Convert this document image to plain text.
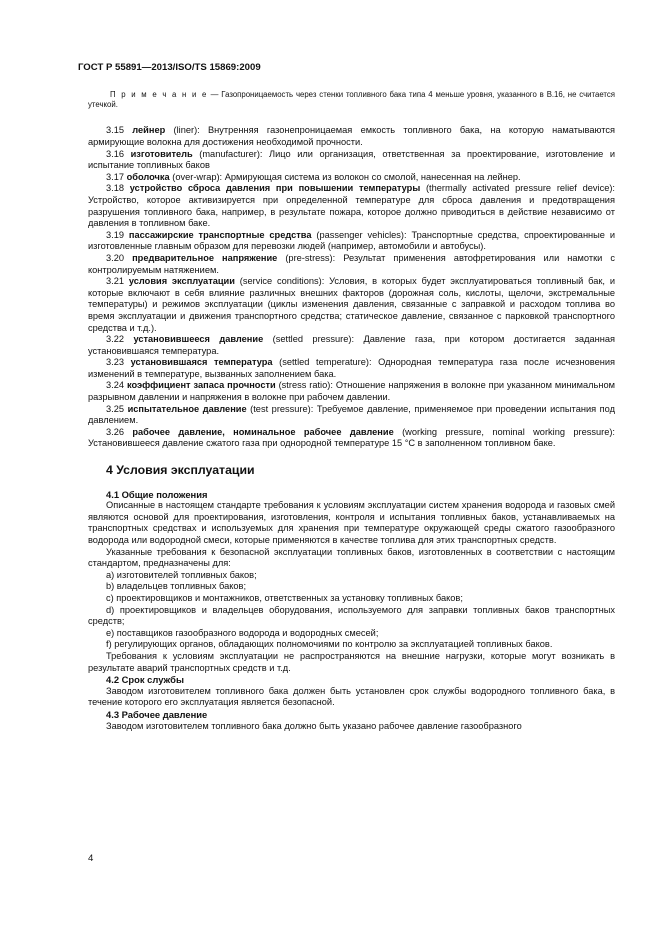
ГОСТ Р 55891—2013/ISO/TS 15869:2009
П р и м е ч а н и е — Газопроницаемость через стенки топливного бака типа 4 меньше уровня, указанного в В.16, не считается утечкой.

3.15 лейнер (liner): Внутренняя газонепроницаемая емкость топливного бака, на которую наматываются армирующие волокна для достижения необходимой прочности.

3.16 изготовитель (manufacturer): Лицо или организация, ответственная за проектирование, изготовление и испытание топливных баков

3.17 оболочка (over-wrap): Армирующая система из волокон со смолой, нанесенная на лейнер.

3.18 устройство сброса давления при повышении температуры (thermally activated pressure relief device): Устройство, которое активизируется при определенной температуре для сброса давления и предотвращения разрушения топливного бака, например, в результате пожара, которое должно приводиться в действие независимо от давления в топливном баке.

3.19 пассажирские транспортные средства (passenger vehicles): Транспортные средства, спроектированные и изготовленные главным образом для перевозки людей (например, автомобили и автобусы).

3.20 предварительное напряжение (pre-stress): Результат применения автофретирования или намотки с контролируемым натяжением.

3.21 условия эксплуатации (service conditions): Условия, в которых будет эксплуатироваться топливный бак, и которые включают в себя влияние различных внешних факторов (дорожная соль, кислоты, щелочи, экстремальные температуры) и режимов эксплуатации (циклы изменения давления, связанные с заправкой и расходом топлива во время эксплуатации и движения транспортного средства; статическое давление, связанное с парковкой транспортного средства и т.д.).

3.22 установившееся давление (settled pressure): Давление газа, при котором достигается заданная установившаяся температура.

3.23 установившаяся температура (settled temperature): Однородная температура газа после исчезновения изменений в температуре, вызванных заполнением бака.

3.24 коэффициент запаса прочности (stress ratio): Отношение напряжения в волокне при указанном минимальном разрывном давлении и напряжения в волокне при рабочем давлении.

3.25 испытательное давление (test pressure): Требуемое давление, применяемое при проведении испытания под давлением.

3.26 рабочее давление, номинальное рабочее давление (working pressure, nominal working pressure): Установившееся давление сжатого газа при однородной температуре 15 °С в заполненном топливном баке.

4 Условия эксплуатации
4.1 Общие положения

Описанные в настоящем стандарте требования к условиям эксплуатации систем хранения водорода и газовых смей являются основой для проектирования, изготовления, контроля и испытания топливных баков, устанавливаемых на транспортных средствах и используемых для хранения при температуре окружающей среды сжатого газообразного водорода или водородной смеси, которые применяются в качестве топлива для этих транспортных средств.

Указанные требования к безопасной эксплуатации топливных баков, изготовленных в соответствии с настоящим стандартом, предназначены для:

а) изготовителей топливных баков;

b) владельцев топливных баков;

с) проектировщиков и монтажников, ответственных за установку топливных баков;

d) проектировщиков и владельцев оборудования, используемого для заправки топливных баков транспортных средств;

е) поставщиков газообразного водорода и водородных смесей;

f) регулирующих органов, обладающих полномочиями по контролю за эксплуатацией топливных баков.

Требования к условиям эксплуатации не распространяются на внешние нагрузки, которые могут возникать в результате аварий транспортных средств и т.д.

4.2 Срок службы

Заводом изготовителем топливного бака должен быть установлен срок службы водородного топливного бака, в течение которого его эксплуатация является безопасной.

4.3 Рабочее давление

Заводом изготовителем топливного бака должно быть указано рабочее давление газообразного

4
